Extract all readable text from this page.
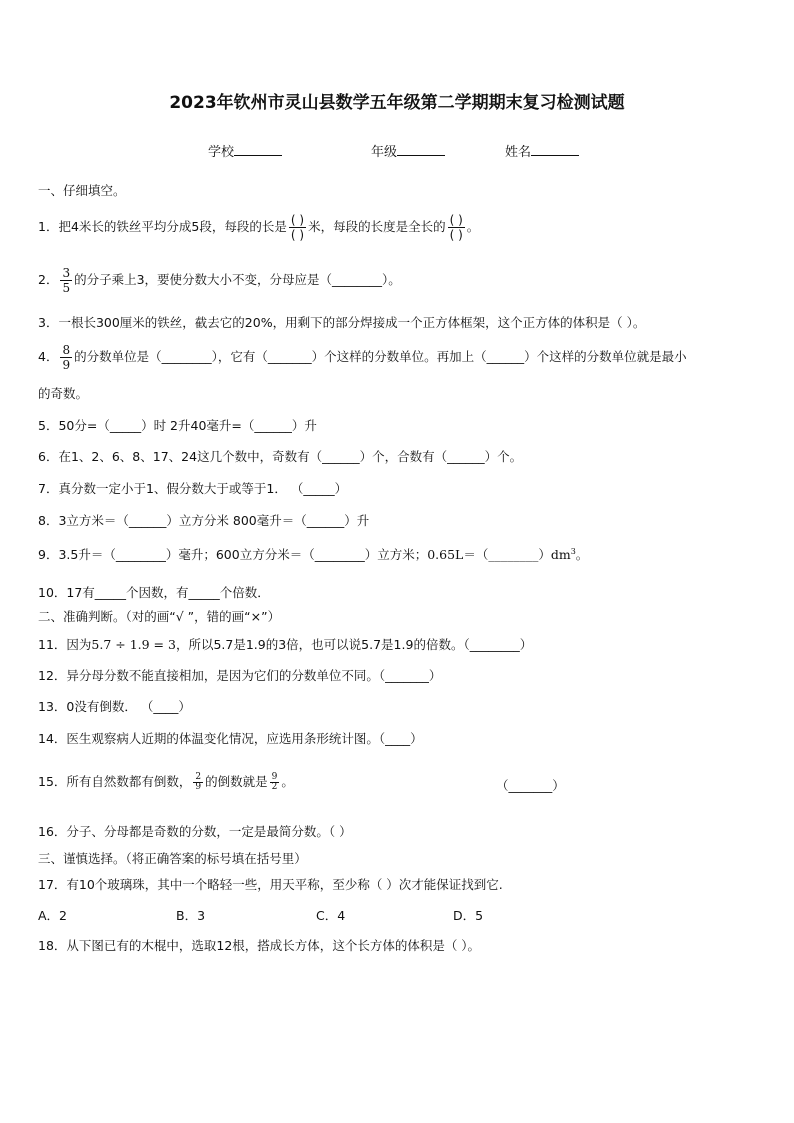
2023年钦州市灵山县数学五年级第二学期期末复习检测试题
学校	年级	姓名
一、仔细填空。
1．把4米长的铁丝平均分成5段，每段的长是 $\frac{( )}{( )}$ 米，每段的长度是全长的 $\frac{( )}{( )}$ 。
2． $\frac{3}{5}$ 的分子乘上3，要使分数大小不变，分母应是（________）。
3．一根长300厘米的铁丝，截去它的20%，用剩下的部分焊接成一个正方体框架，这个正方体的体积是（ ）。
4． $\frac{8}{9}$ 的分数单位是（________），它有（_______）个这样的分数单位。再加上（______）个这样的分数单位就是最小
的奇数。
5．50分=（_____）时 2升40毫升=（______）升
6．在1、2、6、8、17、24这几个数中，奇数有（______）个，合数有（______）个。
7．真分数一定小于1、假分数大于或等于1． （_____）
8．3立方米＝（______）立方分米 800毫升＝（______）升
9．3.5升＝（________）毫升；600立方分米＝（________）立方米；$0.65L=(\_\_\_\_\_\_\_\_)dm^3$。
10．17有_____个因数，有_____个倍数．
二、准确判断。（对的画“√ ”，错的画“×”）
11．因为5.7 ÷ 1.9 = 3，所以5.7是1.9的3倍，也可以说5.7是1.9的倍数。（________）
12．异分母分数不能直接相加，是因为它们的分数单位不同。（_______）
13．0没有倒数． （____）
14．医生观察病人近期的体温变化情况，应选用条形统计图。（____）
15．所有自然数都有倒数， $\frac{2}{9}$ 的倒数就是 $\frac{9}{2}$ 。	（_______）
16．分子、分母都是奇数的分数，一定是最简分数。（ ）
三、谨慎选择。（将正确答案的标号填在括号里）
17．有10个玻璃珠，其中一个略轻一些，用天平称，至少称（ ）次才能保证找到它.
A．2	B．3	C．4	D．5
18．从下图已有的木棍中，选取12根，搭成长方体，这个长方体的体积是（ ）。
